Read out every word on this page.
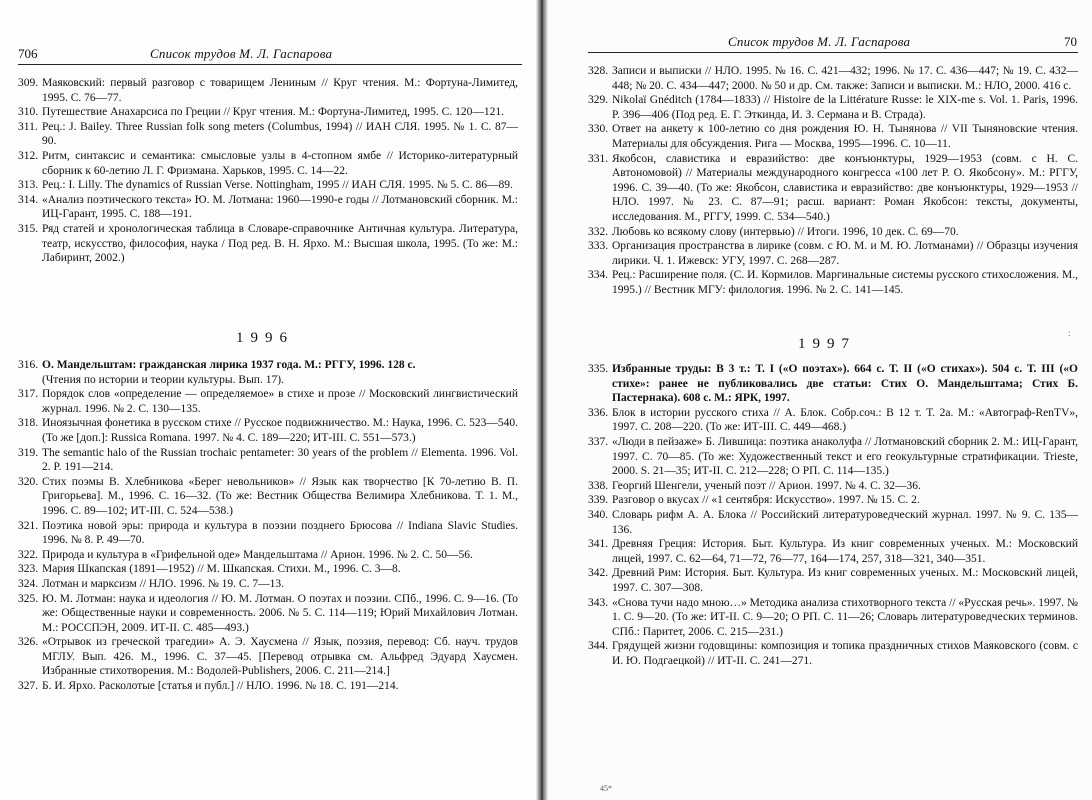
706	Список трудов М. Л. Гаспарова
309. Маяковский: первый разговор с товарищем Лениным // Круг чтения. М.: Фортуна-Лимитед, 1995. С. 76—77.
310. Путешествие Анахарсиса по Греции // Круг чтения. М.: Фортуна-Лимитед, 1995. С. 120—121.
311. Рец.: J. Bailey. Three Russian folk song meters (Columbus, 1994) // ИАН СЛЯ. 1995. № 1. С. 87—90.
312. Ритм, синтаксис и семантика: смысловые узлы в 4-стопном ямбе // Историко-литературный сборник к 60-летию Л. Г. Фризмана. Харьков, 1995. С. 14—22.
313. Рец.: I. Lilly. The dynamics of Russian Verse. Nottingham, 1995 // ИАН СЛЯ. 1995. № 5. С. 86—89.
314. «Анализ поэтического текста» Ю. М. Лотмана: 1960—1990-е годы // Лотмановский сборник. М.: ИЦ-Гарант, 1995. С. 188—191.
315. Ряд статей и хронологическая таблица в Словаре-справочнике Античная культура. Литература, театр, искусство, философия, наука / Под ред. В. Н. Ярхо. М.: Высшая школа, 1995. (То же: М.: Лабиринт, 2002.)
1996
316. О. Мандельштам: гражданская лирика 1937 года. М.: РГГУ, 1996. 128 с.
(Чтения по истории и теории культуры. Вып. 17).
317. Порядок слов «определение — определяемое» в стихе и прозе // Московский лингвистический журнал. 1996. № 2. С. 130—135.
318. Иноязычная фонетика в русском стихе // Русское подвижничество. М.: Наука, 1996. С. 523—540. (То же [доп.]: Russica Romana. 1997. № 4. С. 189—220; ИТ-III. С. 551—573.)
319. The semantic halo of the Russian trochaic pentameter: 30 years of the problem // Elementa. 1996. Vol. 2. P. 191—214.
320. Стих поэмы В. Хлебникова «Берег невольников» // Язык как творчество [К 70-летию В. П. Григорьева]. М., 1996. С. 16—32. (То же: Вестник Общества Велимира Хлебникова. Т. 1. М., 1996. С. 89—102; ИТ-III. С. 524—538.)
321. Поэтика новой эры: природа и культура в поэзии позднего Брюсова // Indiana Slavic Studies. 1996. № 8. P. 49—70.
322. Природа и культура в «Грифельной оде» Мандельштама // Арион. 1996. № 2. С. 50—56.
323. Мария Шкапская (1891—1952) // М. Шкапская. Стихи. М., 1996. С. 3—8.
324. Лотман и марксизм // НЛО. 1996. № 19. С. 7—13.
325. Ю. М. Лотман: наука и идеология // Ю. М. Лотман. О поэтах и поэзии. СПб., 1996. С. 9—16. (То же: Общественные науки и современность. 2006. № 5. С. 114—119; Юрий Михайлович Лотман. М.: РОССПЭН, 2009. ИТ-II. С. 485—493.)
326. «Отрывок из греческой трагедии» А. Э. Хаусмена // Язык, поэзия, перевод: Сб. науч. трудов МГЛУ. Вып. 426. М., 1996. С. 37—45. [Перевод отрывка см. Альфред Эдуард Хаусмен. Избранные стихотворения. М.: Водолей-Publishers, 2006. С. 211—214.]
327. Б. И. Ярхо. Расколотые [статья и публ.] // НЛО. 1996. № 18. С. 191—214.
Список трудов М. Л. Гаспарова	70
328. Записи и выписки // НЛО. 1995. № 16. С. 421—432; 1996. № 17. С. 436—447; № 19. С. 432—448; № 20. С. 434—447; 2000. № 50 и др. См. также: Записи и выписки. М.: НЛО, 2000. 416 с.
329. Nikolaï Gnéditch (1784—1833) // Histoire de la Littérature Russe: le XIX-me s. Vol. 1. Paris, 1996. P. 396—406 (Под ред. Е. Г. Эткинда, И. З. Сермана и В. Страда).
330. Ответ на анкету к 100-летию со дня рождения Ю. Н. Тынянова // VII Тыняновские чтения. Материалы для обсуждения. Рига — Москва, 1995—1996. С. 10—11.
331. Якобсон, славистика и евразийство: две конъюнктуры, 1929—1953 (совм. с Н. С. Автономовой) // Материалы международного конгресса «100 лет Р. О. Якобсону». М.: РГГУ, 1996. С. 39—40. (То же: Якобсон, славистика и евразийство: две конъюнктуры, 1929—1953 // НЛО. 1997. № 23. С. 87—91; расш. вариант: Роман Якобсон: тексты, документы, исследования. М., РГГУ, 1999. С. 534—540.)
332. Любовь ко всякому слову (интервью) // Итоги. 1996, 10 дек. С. 69—70.
333. Организация пространства в лирике (совм. с Ю. М. и М. Ю. Лотманами) // Образцы изучения лирики. Ч. 1. Ижевск: УГУ, 1997. С. 268—287.
334. Рец.: Расширение поля. (С. И. Кормилов. Маргинальные системы русского стихосложения. М., 1995.) // Вестник МГУ: филология. 1996. № 2. С. 141—145.
:
1997
335. Избранные труды: В 3 т.: Т. I («О поэтах»). 664 с. Т. II («О стихах»). 504 с. Т. III («О стихе»: ранее не публиковались две статьи: Стих О. Мандельштама; Стих Б. Пастернака). 608 с. М.: ЯРК, 1997.
336. Блок в истории русского стиха // А. Блок. Собр.соч.: В 12 т. Т. 2а. М.: «Автограф-RenTV», 1997. С. 208—220. (То же: ИТ-III. С. 449—468.)
337. «Люди в пейзаже» Б. Лившица: поэтика анаколуфа // Лотмановский сборник 2. М.: ИЦ-Гарант, 1997. С. 70—85. (То же: Художественный текст и его геокультурные стратификации. Trieste, 2000. S. 21—35; ИТ-II. С. 212—228; О РП. С. 114—135.)
338. Георгий Шенгели, ученый поэт // Арион. 1997. № 4. С. 32—36.
339. Разговор о вкусах // «1 сентября: Искусство». 1997. № 15. С. 2.
340. Словарь рифм А. А. Блока // Российский литературоведческий журнал. 1997. № 9. С. 135—136.
341. Древняя Греция: История. Быт. Культура. Из книг современных ученых. М.: Московский лицей, 1997. С. 62—64, 71—72, 76—77, 164—174, 257, 318—321, 340—351.
342. Древний Рим: История. Быт. Культура. Из книг современных ученых. М.: Московский лицей, 1997. С. 307—308.
343. «Снова тучи надо мною…» Методика анализа стихотворного текста // «Русская речь». 1997. № 1. С. 9—20. (То же: ИТ-II. С. 9—20; О РП. С. 11—26; Словарь литературоведческих терминов. СПб.: Паритет, 2006. С. 215—231.)
344. Грядущей жизни годовщины: композиция и топика праздничных стихов Маяковского (совм. с И. Ю. Подгаецкой) // ИТ-II. С. 241—271.
45*
